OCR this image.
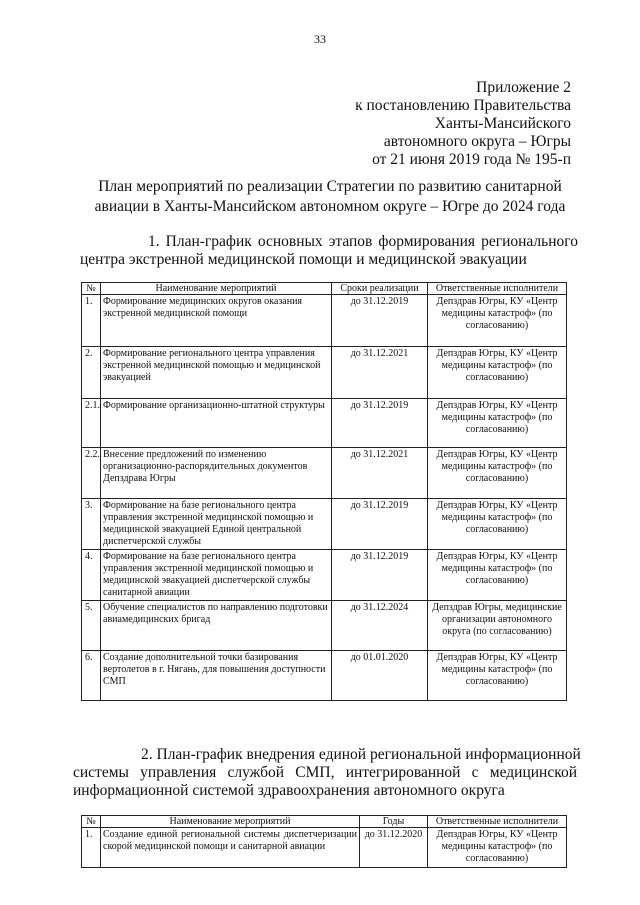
33
Приложение 2
к постановлению Правительства
Ханты-Мансийского
автономного округа – Югры
от 21 июня 2019 года № 195-п
План мероприятий по реализации Стратегии по развитию санитарной
авиации в Ханты-Мансийском автономном округе – Югре до 2024 года
1. План-график основных этапов формирования регионального
центра экстренной медицинской помощи и медицинской эвакуации
№	Наименование мероприятий	Сроки реализации	Ответственные исполнители
1.	Формирование медицинских округов оказания экстренной медицинской помощи	до 31.12.2019	Депздрав Югры, КУ «Центр медицины катастроф» (по согласованию)
2.	Формирование регионального центра управления экстренной медицинской помощью и медицинской эвакуацией	до 31.12.2021	Депздрав Югры, КУ «Центр медицины катастроф» (по согласованию)
2.1.	Формирование организационно-штатной структуры	до 31.12.2019	Депздрав Югры, КУ «Центр медицины катастроф» (по согласованию)
2.2.	Внесение предложений по изменению организационно-распорядительных документов Депздрава Югры	до 31.12.2021	Депздрав Югры, КУ «Центр медицины катастроф» (по согласованию)
3.	Формирование на базе регионального центра управления экстренной медицинской помощью и медицинской эвакуацией Единой центральной диспетчерской службы	до 31.12.2019	Депздрав Югры, КУ «Центр медицины катастроф» (по согласованию)
4.	Формирование на базе регионального центра управления экстренной медицинской помощью и медицинской эвакуацией диспетчерской службы санитарной авиации	до 31.12.2019	Депздрав Югры, КУ «Центр медицины катастроф» (по согласованию)
5.	Обучение специалистов по направлению подготовки авиамедицинских бригад	до 31.12.2024	Депздрав Югры, медицинские организации автономного округа (по согласованию)
6.	Создание дополнительной точки базирования вертолетов в г. Нягань, для повышения доступности СМП	до 01.01.2020	Депздрав Югры, КУ «Центр медицины катастроф» (по согласованию)
2. План-график внедрения единой региональной информационной
системы управления службой СМП, интегрированной с медицинской
информационной системой здравоохранения автономного округа
№	Наименование мероприятий	Годы	Ответственные исполнители
1.	Создание единой региональной системы диспетчеризации скорой медицинской помощи и санитарной авиации	до 31.12.2020	Депздрав Югры, КУ «Центр медицины катастроф» (по согласованию)
